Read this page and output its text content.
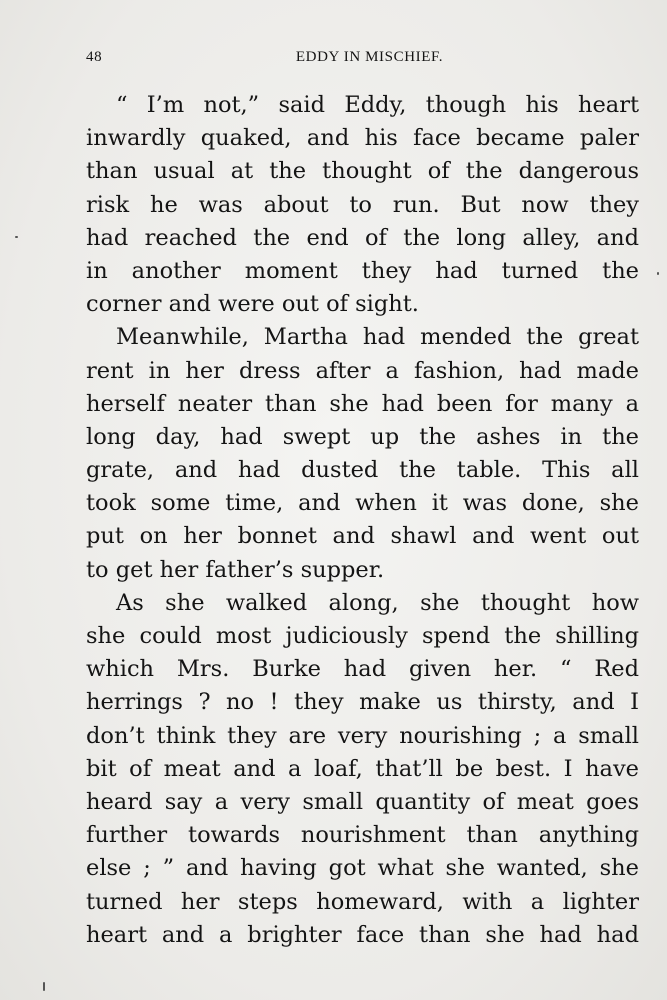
48	EDDY IN MISCHIEF.
“ I’m not,” said Eddy, though his heart
inwardly quaked, and his face became paler
than usual at the thought of the dangerous
risk he was about to run. But now they
had reached the end of the long alley, and
in another moment they had turned the
corner and were out of sight.
Meanwhile, Martha had mended the great
rent in her dress after a fashion, had made
herself neater than she had been for many a
long day, had swept up the ashes in the
grate, and had dusted the table. This all
took some time, and when it was done, she
put on her bonnet and shawl and went out
to get her father’s supper.
As she walked along, she thought how
she could most judiciously spend the shilling
which Mrs. Burke had given her. “ Red
herrings ? no ! they make us thirsty, and I
don’t think they are very nourishing ; a small
bit of meat and a loaf, that’ll be best. I have
heard say a very small quantity of meat goes
further towards nourishment than anything
else ; ” and having got what she wanted, she
turned her steps homeward, with a lighter
heart and a brighter face than she had had
